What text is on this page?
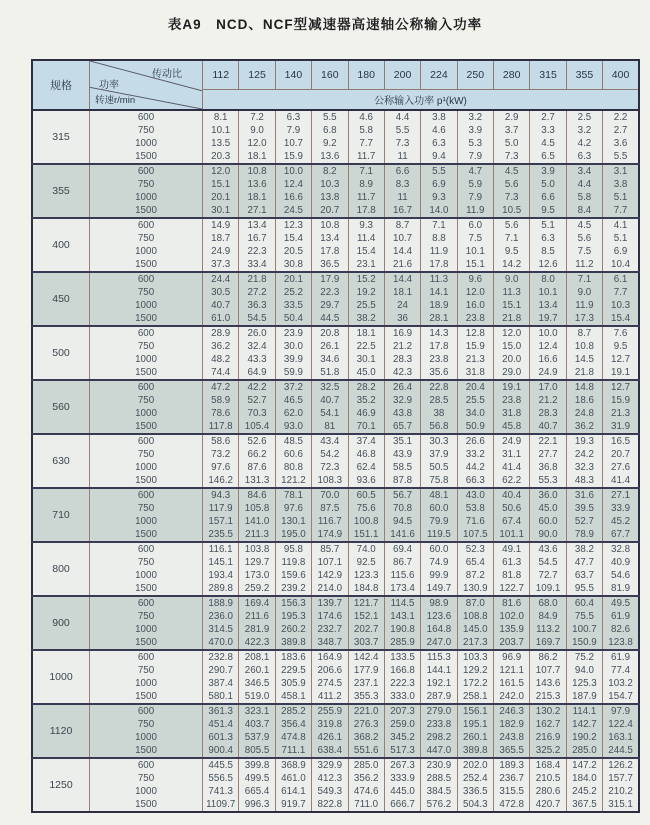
表A9　NCD、NCF型减速器高速轴公称输入功率
规格	传动比
功率
转速r/min	112	125	140	160	180	200	224	250	280	315	355	400
		公称输入功率 p¹(kW)											
315	600	8.1	7.2	6.3	5.5	4.6	4.4	3.8	3.2	2.9	2.7	2.5	2.2
	750	10.1	9.0	7.9	6.8	5.8	5.5	4.6	3.9	3.7	3.3	3.2	2.7
	1000	13.5	12.0	10.7	9.2	7.7	7.3	6.3	5.3	5.0	4.5	4.2	3.6
	1500	20.3	18.1	15.9	13.6	11.7	11	9.4	7.9	7.3	6.5	6.3	5.5
355	600	12.0	10.8	10.0	8.2	7.1	6.6	5.5	4.7	4.5	3.9	3.4	3.1
	750	15.1	13.6	12.4	10.3	8.9	8.3	6.9	5.9	5.6	5.0	4.4	3.8
	1000	20.1	18.1	16.6	13.8	11.7	11	9.3	7.9	7.3	6.6	5.8	5.1
	1500	30.1	27.1	24.5	20.7	17.8	16.7	14.0	11.9	10.5	9.5	8.4	7.7
400	600	14.9	13.4	12.3	10.8	9.3	8.7	7.1	6.0	5.6	5.1	4.5	4.1
	750	18.7	16.7	15.4	13.4	11.4	10.7	8.8	7.5	7.1	6.3	5.6	5.1
	1000	24.9	22.3	20.5	17.8	15.4	14.4	11.9	10.1	9.5	8.5	7.5	6.9
	1500	37.3	33.4	30.8	36.5	23.1	21.6	17.8	15.1	14.2	12.6	11.2	10.4
450	600	24.4	21.8	20.1	17.9	15.2	14.4	11.3	9.6	9.0	8.0	7.1	6.1
	750	30.5	27.2	25.2	22.3	19.2	18.1	14.1	12.0	11.3	10.1	9.0	7.7
	1000	40.7	36.3	33.5	29.7	25.5	24	18.9	16.0	15.1	13.4	11.9	10.3
	1500	61.0	54.5	50.4	44.5	38.2	36	28.1	23.8	21.8	19.7	17.3	15.4
500	600	28.9	26.0	23.9	20.8	18.1	16.9	14.3	12.8	12.0	10.0	8.7	7.6
	750	36.2	32.4	30.0	26.1	22.5	21.2	17.8	15.9	15.0	12.4	10.8	9.5
	1000	48.2	43.3	39.9	34.6	30.1	28.3	23.8	21.3	20.0	16.6	14.5	12.7
	1500	74.4	64.9	59.9	51.8	45.0	42.3	35.6	31.8	29.0	24.9	21.8	19.1
560	600	47.2	42.2	37.2	32.5	28.2	26.4	22.8	20.4	19.1	17.0	14.8	12.7
	750	58.9	52.7	46.5	40.7	35.2	32.9	28.5	25.5	23.8	21.2	18.6	15.9
	1000	78.6	70.3	62.0	54.1	46.9	43.8	38	34.0	31.8	28.3	24.8	21.3
	1500	117.8	105.4	93.0	81	70.1	65.7	56.8	50.9	45.8	40.7	36.2	31.9
630	600	58.6	52.6	48.5	43.4	37.4	35.1	30.3	26.6	24.9	22.1	19.3	16.5
	750	73.2	66.2	60.6	54.2	46.8	43.9	37.9	33.2	31.1	27.7	24.2	20.7
	1000	97.6	87.6	80.8	72.3	62.4	58.5	50.5	44.2	41.4	36.8	32.3	27.6
	1500	146.2	131.3	121.2	108.3	93.6	87.8	75.8	66.3	62.2	55.3	48.3	41.4
710	600	94.3	84.6	78.1	70.0	60.5	56.7	48.1	43.0	40.4	36.0	31.6	27.1
	750	117.9	105.8	97.6	87.5	75.6	70.8	60.0	53.8	50.6	45.0	39.5	33.9
	1000	157.1	141.0	130.1	116.7	100.8	94.5	79.9	71.6	67.4	60.0	52.7	45.2
	1500	235.5	211.3	195.0	174.9	151.1	141.6	119.5	107.5	101.1	90.0	78.9	67.7
800	600	116.1	103.8	95.8	85.7	74.0	69.4	60.0	52.3	49.1	43.6	38.2	32.8
	750	145.1	129.7	119.8	107.1	92.5	86.7	74.9	65.4	61.3	54.5	47.7	40.9
	1000	193.4	173.0	159.6	142.9	123.3	115.6	99.9	87.2	81.8	72.7	63.7	54.6
	1500	289.8	259.2	239.2	214.0	184.8	173.4	149.7	130.9	122.7	109.1	95.5	81.9
900	600	188.9	169.4	156.3	139.7	121.7	114.5	98.9	87.0	81.6	68.0	60.4	49.5
	750	236.0	211.6	195.3	174.6	152.1	143.1	123.6	108.8	102.0	84.9	75.5	61.9
	1000	314.5	281.9	260.2	232.7	202.7	190.8	164.8	145.0	135.9	113.2	100.7	82.6
	1500	470.0	422.3	389.8	348.7	303.7	285.9	247.0	217.3	203.7	169.7	150.9	123.8
1000	600	232.8	208.1	183.6	164.9	142.4	133.5	115.3	103.3	96.9	86.2	75.2	61.9
	750	290.7	260.1	229.5	206.6	177.9	166.8	144.1	129.2	121.1	107.7	94.0	77.4
	1000	387.4	346.5	305.9	274.5	237.1	222.3	192.1	172.2	161.5	143.6	125.3	103.2
	1500	580.1	519.0	458.1	411.2	355.3	333.0	287.9	258.1	242.0	215.3	187.9	154.7
1120	600	361.3	323.1	285.2	255.9	221.0	207.3	279.0	156.1	246.3	130.2	114.1	97.9
	750	451.4	403.7	356.4	319.8	276.3	259.0	233.8	195.1	182.9	162.7	142.7	122.4
	1000	601.3	537.9	474.8	426.1	368.2	345.2	298.2	260.1	243.8	216.9	190.2	163.1
	1500	900.4	805.5	711.1	638.4	551.6	517.3	447.0	389.8	365.5	325.2	285.0	244.5
1250	600	445.5	399.8	368.9	329.9	285.0	267.3	230.9	202.0	189.3	168.4	147.2	126.2
	750	556.5	499.5	461.0	412.3	356.2	333.9	288.5	252.4	236.7	210.5	184.0	157.7
	1000	741.3	665.4	614.1	549.3	474.6	445.0	384.5	336.5	315.5	280.6	245.2	210.2
	1500	1109.7	996.3	919.7	822.8	711.0	666.7	576.2	504.3	472.8	420.7	367.5	315.1
